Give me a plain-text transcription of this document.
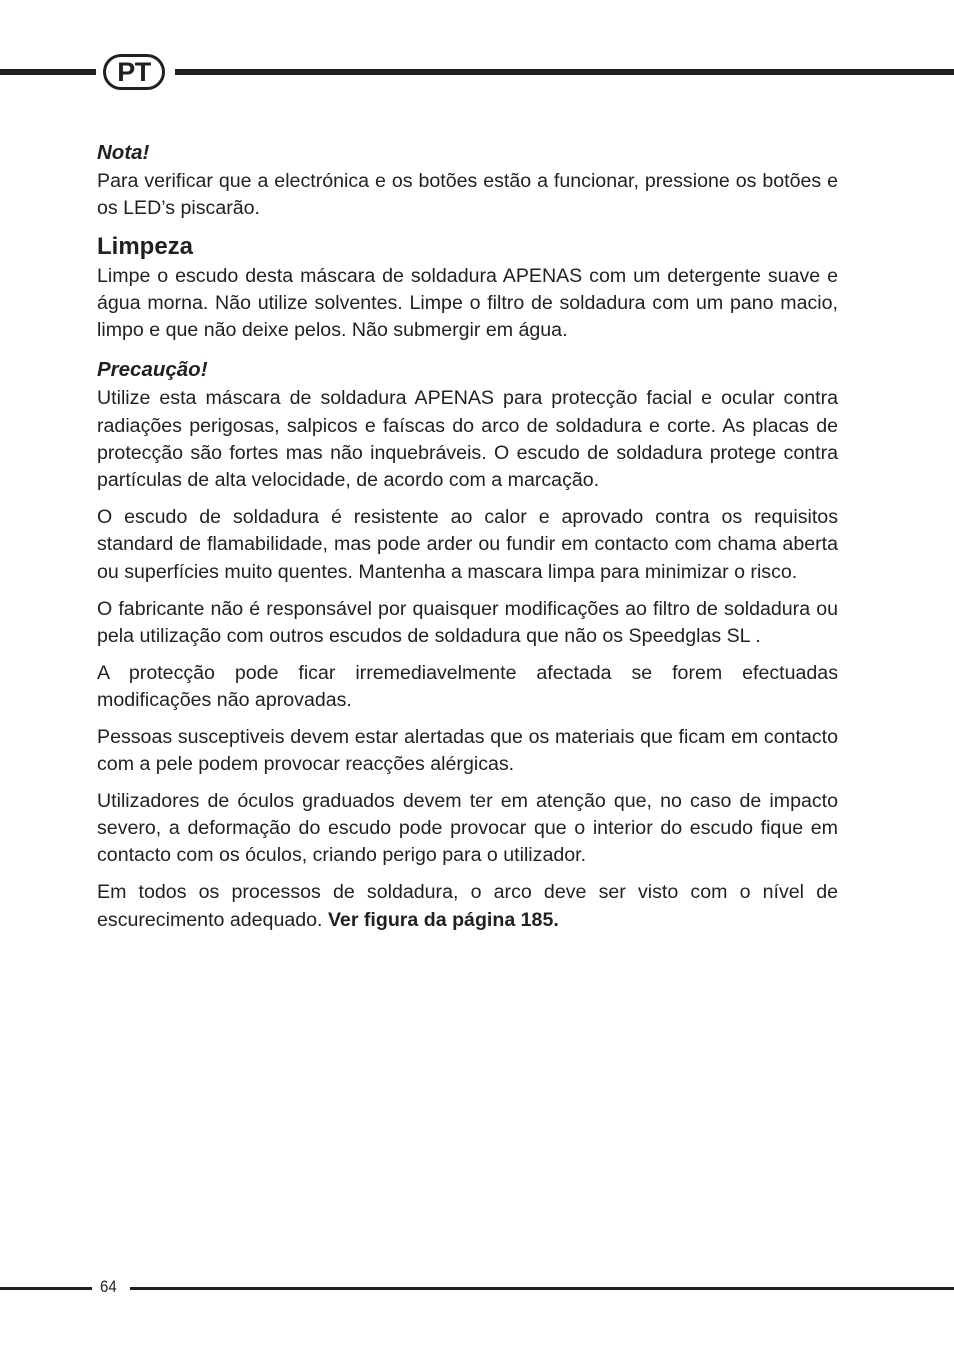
PT
Nota!

Para verificar que a electrónica e os botões estão a funcionar, pressione os botões e os LED’s piscarão.

Limpeza

Limpe o escudo desta máscara de soldadura APENAS com um detergente suave e água morna. Não utilize solventes. Limpe o filtro de soldadura com um pano macio, limpo e que não deixe pelos. Não submergir em água.

Precaução!

Utilize esta máscara de soldadura APENAS para protecção facial e ocular contra radiações perigosas, salpicos e faíscas do arco de soldadura e corte. As placas de protecção são fortes mas não inquebráveis. O escudo de soldadura protege contra partículas de alta velocidade, de acordo com a marcação.

O escudo de soldadura é resistente ao calor e aprovado contra os requisitos standard de flamabilidade, mas pode arder ou fundir em contacto com chama aberta ou superfícies muito quentes. Mantenha a mascara limpa para minimizar o risco.

O fabricante não é responsável por quaisquer modificações ao filtro de soldadura ou pela utilização com outros escudos de soldadura que não os Speedglas SL .

A protecção pode ficar irremediavelmente afectada se forem efectuadas modificações não aprovadas.

Pessoas susceptiveis devem estar alertadas que os materiais que ficam em contacto com a pele podem provocar reacções alérgicas.

Utilizadores de óculos graduados devem ter em atenção que, no caso de impacto severo, a deformação do escudo pode provocar que o interior do escudo fique em contacto com os óculos, criando perigo para o utilizador.

Em todos os processos de soldadura, o arco deve ser visto com o nível de escurecimento adequado. Ver figura da página 185.

64
